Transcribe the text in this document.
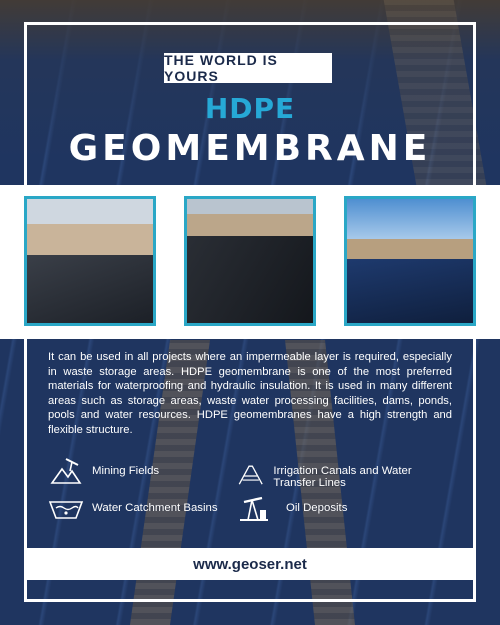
THE WORLD IS YOURS
HDPE
GEOMEMBRANE

It can be used in all projects where an impermeable layer is required, especially in waste storage areas. HDPE geomembrane is one of the most preferred materials for waterproofing and hydraulic insulation. It is used in many different areas such as storage areas, waste water processing facilities, dams, ponds, pools and water resources. HDPE geomembranes have a high strength and flexible structure.

Mining Fields	Irrigation Canals and Water Transfer Lines
Water Catchment Basins	Oil Deposits
www.geoser.net
